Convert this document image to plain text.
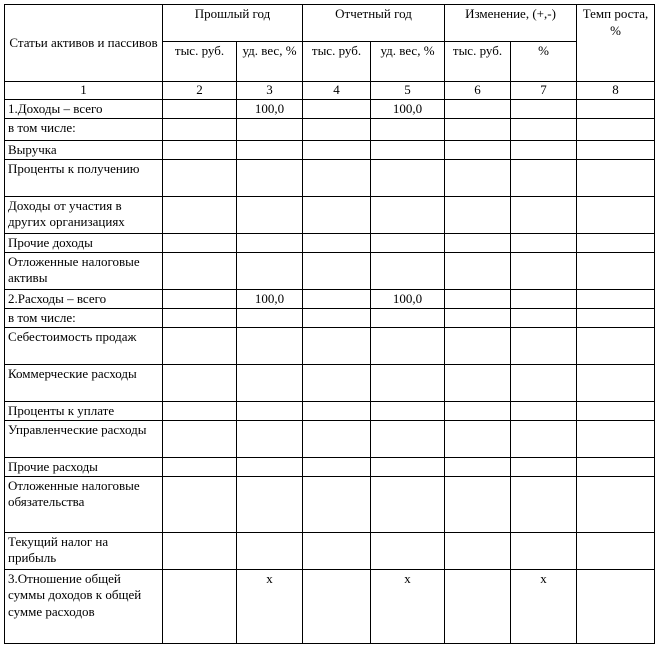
Статьи активов и пассивов	Прошлый год		Отчетный год		Изменение, (+,-)		Темп роста, %
	тыс. руб.	уд. вес, %	тыс. руб.	уд. вес, %	тыс. руб.	%	
1	2	3	4	5	6	7	8
1.Доходы – всего		100,0		100,0			
в том числе:							
Выручка							
Проценты к получению							
Доходы от участия в других организациях							
Прочие доходы							
Отложенные налоговые активы							
2.Расходы – всего		100,0		100,0			
в том числе:							
Себестоимость продаж							
Коммерческие расходы							
Проценты к уплате							
Управленческие расходы							
Прочие расходы							
Отложенные налоговые обязательства							
Текущий налог на прибыль							
3.Отношение общей суммы доходов к общей сумме расходов		х		х		х	
